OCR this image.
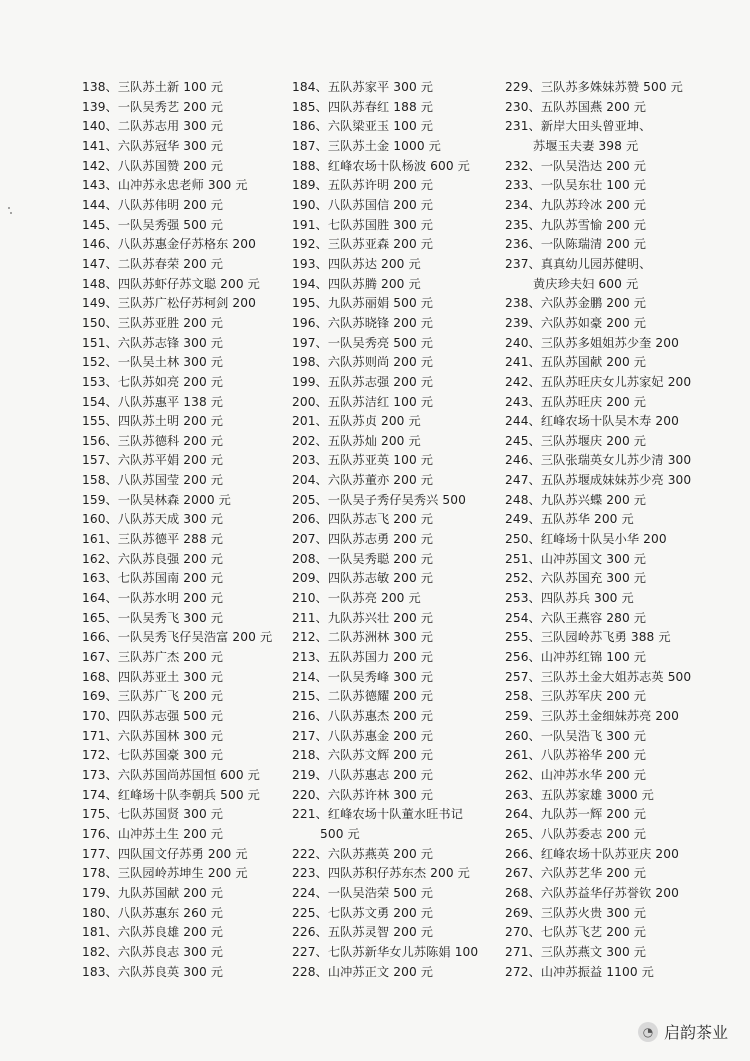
138、三队苏土新 100 元
139、一队吴秀艺 200 元
140、二队苏志用 300 元
141、六队苏冠华 300 元
142、八队苏国赞 200 元
143、山冲苏永忠老师 300 元
144、八队苏伟明 200 元
145、一队吴秀强 500 元
146、八队苏惠金仔苏格东 200
147、二队苏春荣 200 元
148、四队苏虾仔苏文聪 200 元
149、三队苏广松仔苏柯剑 200
150、三队苏亚胜 200 元
151、六队苏志锋 300 元
152、一队吴土林 300 元
153、七队苏如亮 200 元
154、八队苏惠平 138 元
155、四队苏土明 200 元
156、三队苏德科 200 元
157、六队苏平娟 200 元
158、八队苏国莹 200 元
159、一队吴林森 2000 元
160、八队苏天成 300 元
161、三队苏德平 288 元
162、六队苏良强 200 元
163、七队苏国南 200 元
164、一队苏水明 200 元
165、一队吴秀飞 300 元
166、一队吴秀飞仔吴浩富 200 元
167、三队苏广杰 200 元
168、四队苏亚土 300 元
169、三队苏广飞 200 元
170、四队苏志强 500 元
171、六队苏国林 300 元
172、七队苏国豪 300 元
173、六队苏国尚苏国恒 600 元
174、红峰场十队李朝兵 500 元
175、七队苏国贤 300 元
176、山冲苏土生 200 元
177、四队国文仔苏勇 200 元
178、三队园岭苏坤生 200 元
179、九队苏国献 200 元
180、八队苏惠东 260 元
181、六队苏良雄 200 元
182、六队苏良志 300 元
183、六队苏良英 300 元
184、五队苏家平 300 元
185、四队苏春红 188 元
186、六队梁亚玉 100 元
187、三队苏土金 1000 元
188、红峰农场十队杨波 600 元
189、五队苏许明 200 元
190、八队苏国信 200 元
191、七队苏国胜 300 元
192、三队苏亚森 200 元
193、四队苏达 200 元
194、四队苏腾 200 元
195、九队苏丽娟 500 元
196、六队苏晓锋 200 元
197、一队吴秀亮 500 元
198、六队苏则尚 200 元
199、五队苏志强 200 元
200、五队苏洁红 100 元
201、五队苏贞 200 元
202、五队苏灿 200 元
203、五队苏亚英 100 元
204、六队苏董亦 200 元
205、一队吴子秀仔吴秀兴 500
206、四队苏志飞 200 元
207、四队苏志勇 200 元
208、一队吴秀聪 200 元
209、四队苏志敏 200 元
210、一队苏亮 200 元
211、九队苏兴壮 200 元
212、二队苏洲林 300 元
213、五队苏国力 200 元
214、一队吴秀峰 300 元
215、二队苏德耀 200 元
216、八队苏惠杰 200 元
217、八队苏惠金 200 元
218、六队苏文辉 200 元
219、八队苏惠志 200 元
220、六队苏许林 300 元
221、红峰农场十队董水旺书记
500 元
222、六队苏燕英 200 元
223、四队苏积仔苏东杰 200 元
224、一队吴浩荣 500 元
225、七队苏文勇 200 元
226、五队苏灵智 200 元
227、七队苏新华女儿苏陈娟 100
228、山冲苏正文 200 元
229、三队苏多姝妹苏赞 500 元
230、五队苏国燕 200 元
231、新岸大田头曾亚坤、
苏堰玉夫妻 398 元
232、一队吴浩达 200 元
233、一队吴东壮 100 元
234、九队苏玲冰 200 元
235、九队苏雪愉 200 元
236、一队陈瑞清 200 元
237、真真幼儿园苏健明、
黄庆珍夫妇 600 元
238、六队苏金鹏 200 元
239、六队苏如豪 200 元
240、三队苏多姐姐苏少奎 200
241、五队苏国献 200 元
242、五队苏旺庆女儿苏家妃 200
243、五队苏旺庆 200 元
244、红峰农场十队吴木寿 200
245、三队苏堰庆 200 元
246、三队张瑞英女儿苏少清 300
247、五队苏堰成妹妹苏少亮 300
248、九队苏兴蝶 200 元
249、五队苏华 200 元
250、红峰场十队吴小华 200
251、山冲苏国文 300 元
252、六队苏国充 300 元
253、四队苏兵 300 元
254、六队王燕容 280 元
255、三队园岭苏飞勇 388 元
256、山冲苏红锦 100 元
257、三队苏土金大姐苏志英 500
258、三队苏军庆 200 元
259、三队苏土金细妹苏亮 200
260、一队吴浩飞 300 元
261、八队苏裕华 200 元
262、山冲苏水华 200 元
263、五队苏家雄 3000 元
264、九队苏一辉 200 元
265、八队苏委志 200 元
266、红峰农场十队苏亚庆 200
267、六队苏艺华 200 元
268、六队苏益华仔苏誉钦 200
269、三队苏火贵 300 元
270、七队苏飞艺 200 元
271、三队苏燕文 300 元
272、山冲苏振益 1100 元
◔ 启韵茶业
